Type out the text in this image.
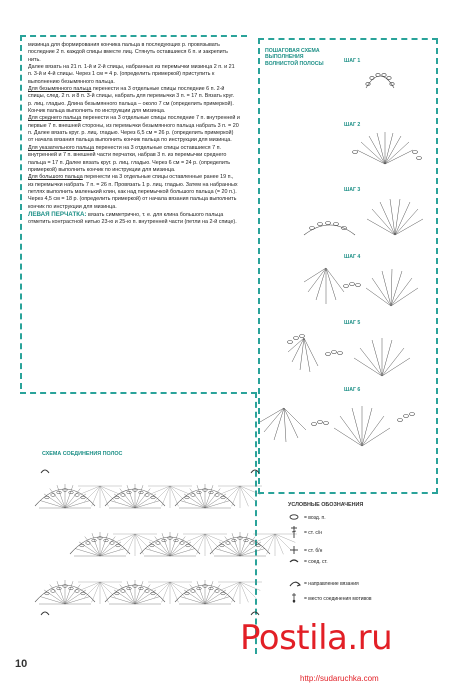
мизинца для формирования кончика пальца в последующих р. провязывать последние 2 п. каждой спицы вместе лиц. Стянуть оставшиеся 6 п. и закрепить нить.

Далее вязать на 21 п. 1-й и 2-й спицы, набранных из перемычки мизинца 2 п. и 21 п. 3-й и 4-й спицы. Через 1 см = 4 р. (определить примеркой) приступить к выполнению безымянного пальца.

Для безымянного пальца перенести на 3 отдельные спицы последние 6 п. 2-й спицы, след. 2 п. и 8 п. 3-й спицы, набрать для перемычки 3 п. = 17 п. Вязать круг. р. лиц. гладью. Длина безымянного пальца – около 7 см (определить примеркой). Кончик пальца выполнить по инструкции для мизинца.

Для среднего пальца перенести на 3 отдельные спицы последние 7 п. внутренней и первые 7 п. внешней стороны, из перемычки безымянного пальца набрать 3 п. = 20 п. Далее вязать круг. р. лиц. гладью. Через 6,5 см = 26 р. (определить примеркой) от начала вязания пальца выполнить кончик пальца по инструкции для мизинца.

Для указательного пальца перенести на 3 отдельные спицы оставшиеся 7 п. внутренней и 7 п. внешней части перчатки, набрав 3 п. из перемычки среднего пальца = 17 п. Далее вязать круг. р. лиц. гладью. Через 6 см = 24 р. (определить примеркой) выполнить кончик по инструкции для мизинца.

Для большого пальца перенести на 3 отдельные спицы оставленные ранее 19 п., из перемычки набрать 7 п. = 26 п. Провязать 1 р. лиц. гладью. Затем на набранных петлях выполнить маленький клин, как над перемычкой большого пальца (= 20 п.). Через 4,5 см = 18 р. (определить примеркой) от начала вязания пальца выполнить кончик по инструкции для мизинца.

ЛЕВАЯ ПЕРЧАТКА: вязать симметрично, т. е. для клина большого пальца отметить контрастной нитью 23-ю и 25-ю п. внутренней части (петли на 2-й спице).

ПОШАГОВАЯ СХЕМА ВЫПОЛНЕНИЯ ВОЛНИСТОЙ ПОЛОСЫ	ШАГ 1
ШАГ 2
ШАГ 3
ШАГ 4
ШАГ 5
ШАГ 6
СХЕМА СОЕДИНЕНИЯ ПОЛОС
УСЛОВНЫЕ ОБОЗНАЧЕНИЯ
= возд. п.
= ст. с/н
= ст. б/н
= соед. ст.
= направление вязания
= место соединения мотивов
10
Postila.ru
http://sudaruchka.com
